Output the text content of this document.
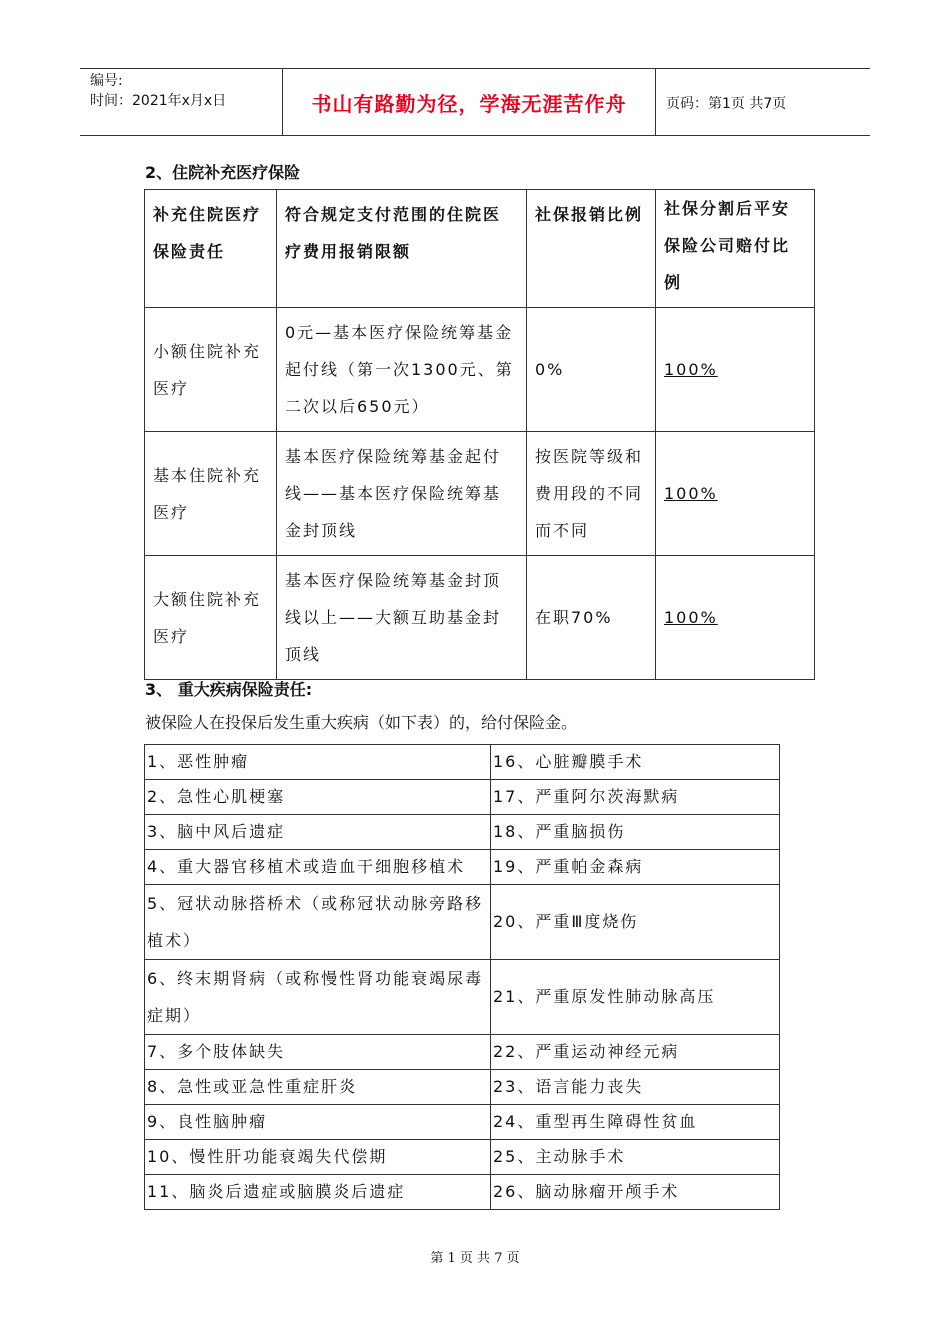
编号:
时间：2021年x月x日	书山有路勤为径，学海无涯苦作舟	页码：第1页 共7页
2、住院补充医疗保险
补充住院医疗保险责任	符合规定支付范围的住院医疗费用报销限额	社保报销比例	社保分割后平安保险公司赔付比例
小额住院补充医疗	0元—基本医疗保险统筹基金起付线（第一次1300元、第二次以后650元）	0%	100%
基本住院补充医疗	基本医疗保险统筹基金起付线——基本医疗保险统筹基金封顶线	按医院等级和费用段的不同而不同	100%
大额住院补充医疗	基本医疗保险统筹基金封顶线以上——大额互助基金封顶线	在职70%	100%
3、 重大疾病保险责任:
被保险人在投保后发生重大疾病（如下表）的，给付保险金。
1、恶性肿瘤	16、心脏瓣膜手术
2、急性心肌梗塞	17、严重阿尔茨海默病
3、脑中风后遗症	18、严重脑损伤
4、重大器官移植术或造血干细胞移植术	19、严重帕金森病
5、冠状动脉搭桥术（或称冠状动脉旁路移植术）	20、严重Ⅲ度烧伤
6、终末期肾病（或称慢性肾功能衰竭尿毒症期）	21、严重原发性肺动脉高压
7、多个肢体缺失	22、严重运动神经元病
8、急性或亚急性重症肝炎	23、语言能力丧失
9、良性脑肿瘤	24、重型再生障碍性贫血
10、慢性肝功能衰竭失代偿期	25、主动脉手术
11、脑炎后遗症或脑膜炎后遗症	26、脑动脉瘤开颅手术
第 1 页 共 7 页
